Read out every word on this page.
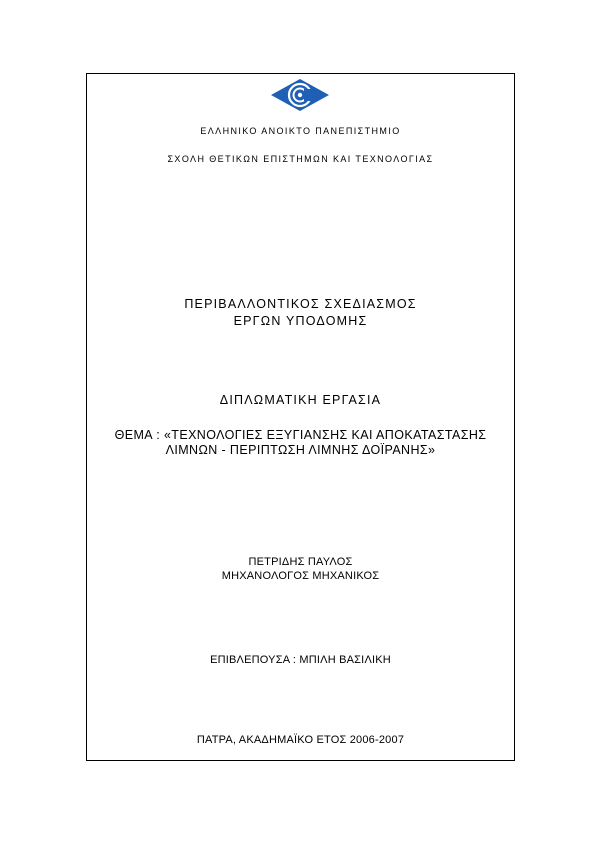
ΕΛΛΗΝΙΚΟ ΑΝΟΙΚΤΟ ΠΑΝΕΠΙΣΤΗΜΙΟ
ΣΧΟΛΗ ΘΕΤΙΚΩΝ ΕΠΙΣΤΗΜΩΝ ΚΑΙ ΤΕΧΝΟΛΟΓΙΑΣ
ΠΕΡΙΒΑΛΛΟΝΤΙΚΟΣ ΣΧΕΔΙΑΣΜΟΣ
ΕΡΓΩΝ ΥΠΟΔΟΜΗΣ
ΔΙΠΛΩΜΑΤΙΚΗ ΕΡΓΑΣΙΑ
ΘΕΜΑ : «ΤΕΧΝΟΛΟΓΙΕΣ ΕΞΥΓΙΑΝΣΗΣ ΚΑΙ ΑΠΟΚΑΤΑΣΤΑΣΗΣ
ΛΙΜΝΩΝ - ΠΕΡΙΠΤΩΣΗ ΛΙΜΝΗΣ ΔΟΪΡΑΝΗΣ»
ΠΕΤΡΙΔΗΣ ΠΑΥΛΟΣ
ΜΗΧΑΝΟΛΟΓΟΣ ΜΗΧΑΝΙΚΟΣ
ΕΠΙΒΛΕΠΟΥΣΑ : ΜΠΙΛΗ ΒΑΣΙΛΙΚΗ
ΠΑΤΡΑ, ΑΚΑΔΗΜΑΪΚΟ ΕΤΟΣ 2006-2007
